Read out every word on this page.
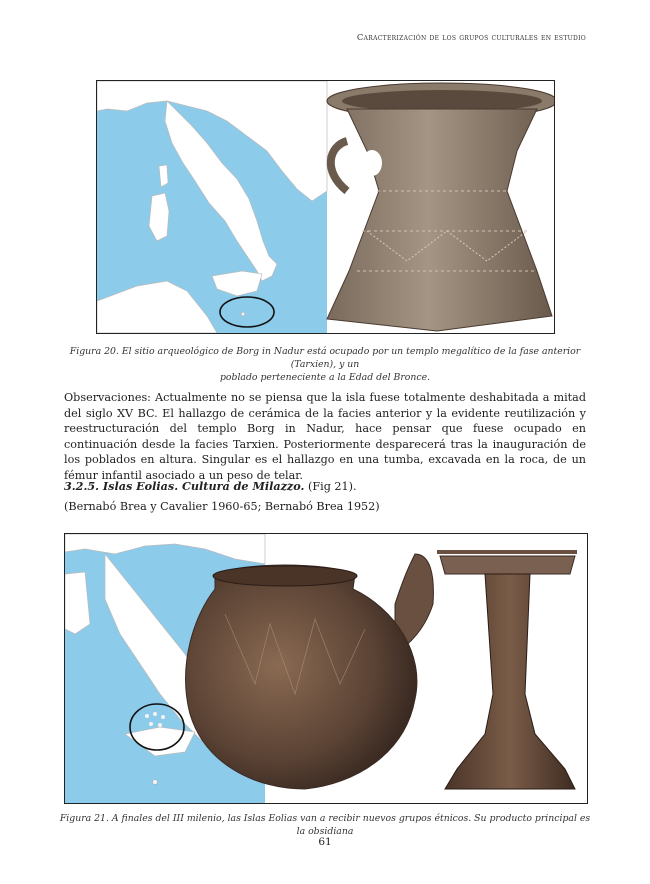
Caracterización de los grupos culturales en estudio
Figura 20. El sitio arqueológico de Borg in Nadur está ocupado por un templo megalítico de la fase anterior (Tarxien), y un
poblado perteneciente a la Edad del Bronce.
Observaciones: Actualmente no se piensa que la isla fuese totalmente deshabitada a mitad del siglo XV BC. El hallazgo de cerámica de la facies anterior y la evidente reutilización y reestructuración del templo Borg in Nadur, hace pensar que fuese ocupado en continuación desde la facies Tarxien. Posteriormente desparecerá tras la inauguración de los poblados en altura. Singular es el hallazgo en una tumba, excavada en la roca, de un fémur infantil asociado a un peso de telar.
3.2.5. Islas Eolias. Cultura de Milazzo. (Fig 21).
(Bernabó Brea y Cavalier 1960-65; Bernabó Brea 1952)
Figura 21. A finales del III milenio, las Islas Eolias van a recibir nuevos grupos étnicos. Su producto principal es la obsidiana
61
